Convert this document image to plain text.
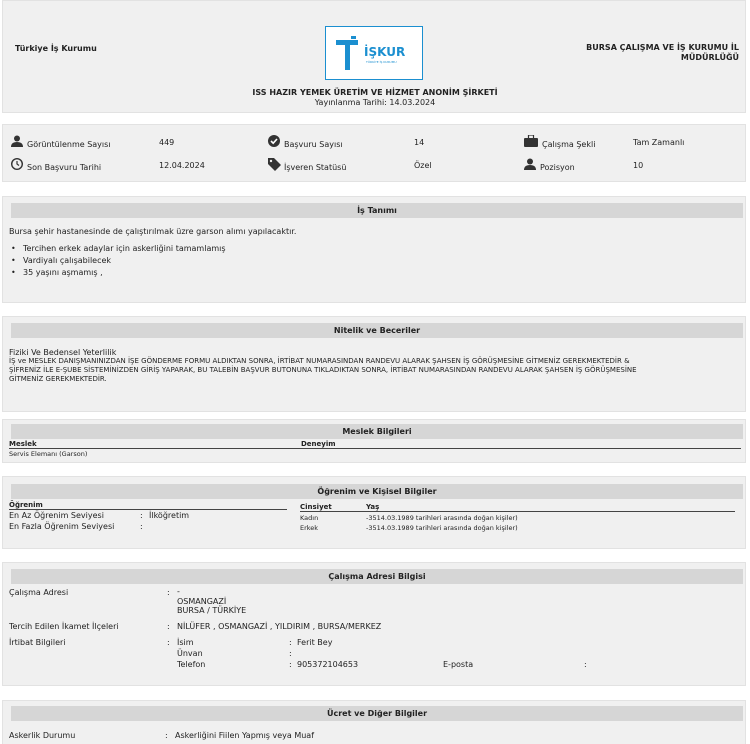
Türkiye İş Kurumu	İŞKUR
TÜRKİYE İŞ KURUMU
BURSA ÇALIŞMA VE İŞ KURUMU İL
MÜDÜRLÜĞÜ
ISS HAZIR YEMEK ÜRETİM VE HİZMET ANONİM ŞİRKETİ
Yayınlanma Tarihi: 14.03.2024
Görüntülenme Sayısı	449	Başvuru Sayısı	14	Çalışma Şekli	Tam Zamanlı
Son Başvuru Tarihi	12.04.2024	İşveren Statüsü	Özel	Pozisyon	10
İş Tanımı
Bursa şehir hastanesinde de çalıştırılmak üzre garson alımı yapılacaktır.
• Tercihen erkek adaylar için askerliğini tamamlamış
• Vardiyalı çalışabilecek
• 35 yaşını aşmamış ,
Nitelik ve Beceriler
Fiziki Ve Bedensel Yeterlilik
İŞ ve MESLEK DANIŞMANINIZDAN İŞE GÖNDERME FORMU ALDIKTAN SONRA, İRTİBAT NUMARASINDAN RANDEVU ALARAK ŞAHSEN İŞ GÖRÜŞMESİNE GİTMENİZ GEREKMEKTEDİR &
ŞİFRENİZ İLE E-ŞUBE SİSTEMİNİZDEN GİRİŞ YAPARAK, BU TALEBİN BAŞVUR BUTONUNA TIKLADIKTAN SONRA, İRTİBAT NUMARASINDAN RANDEVU ALARAK ŞAHSEN İŞ GÖRÜŞMESİNE
GİTMENİZ GEREKMEKTEDİR.
Meslek Bilgileri
Meslek	Deneyim
Servis Elemanı (Garson)
Öğrenim ve Kişisel Bilgiler
Öğrenim
En Az Öğrenim Seviyesi	: İlköğretim
En Fazla Öğrenim Seviyesi	:
Cinsiyet	Yaş
Kadın	-3514.03.1989 tarihleri arasında doğan kişiler)
Erkek	-3514.03.1989 tarihleri arasında doğan kişiler)
Çalışma Adresi Bilgisi
Çalışma Adresi	: -
OSMANGAZİ
BURSA / TÜRKİYE
Tercih Edilen İkamet İlçeleri	: NİLÜFER , OSMANGAZİ , YILDIRIM , BURSA/MERKEZ
İrtibat Bilgileri	: İsim	: Ferit Bey
Ünvan	:
Telefon	: 905372104653	E-posta	:
Ücret ve Diğer Bilgiler
Askerlik Durumu	: Askerliğini Fiilen Yapmış veya Muaf
